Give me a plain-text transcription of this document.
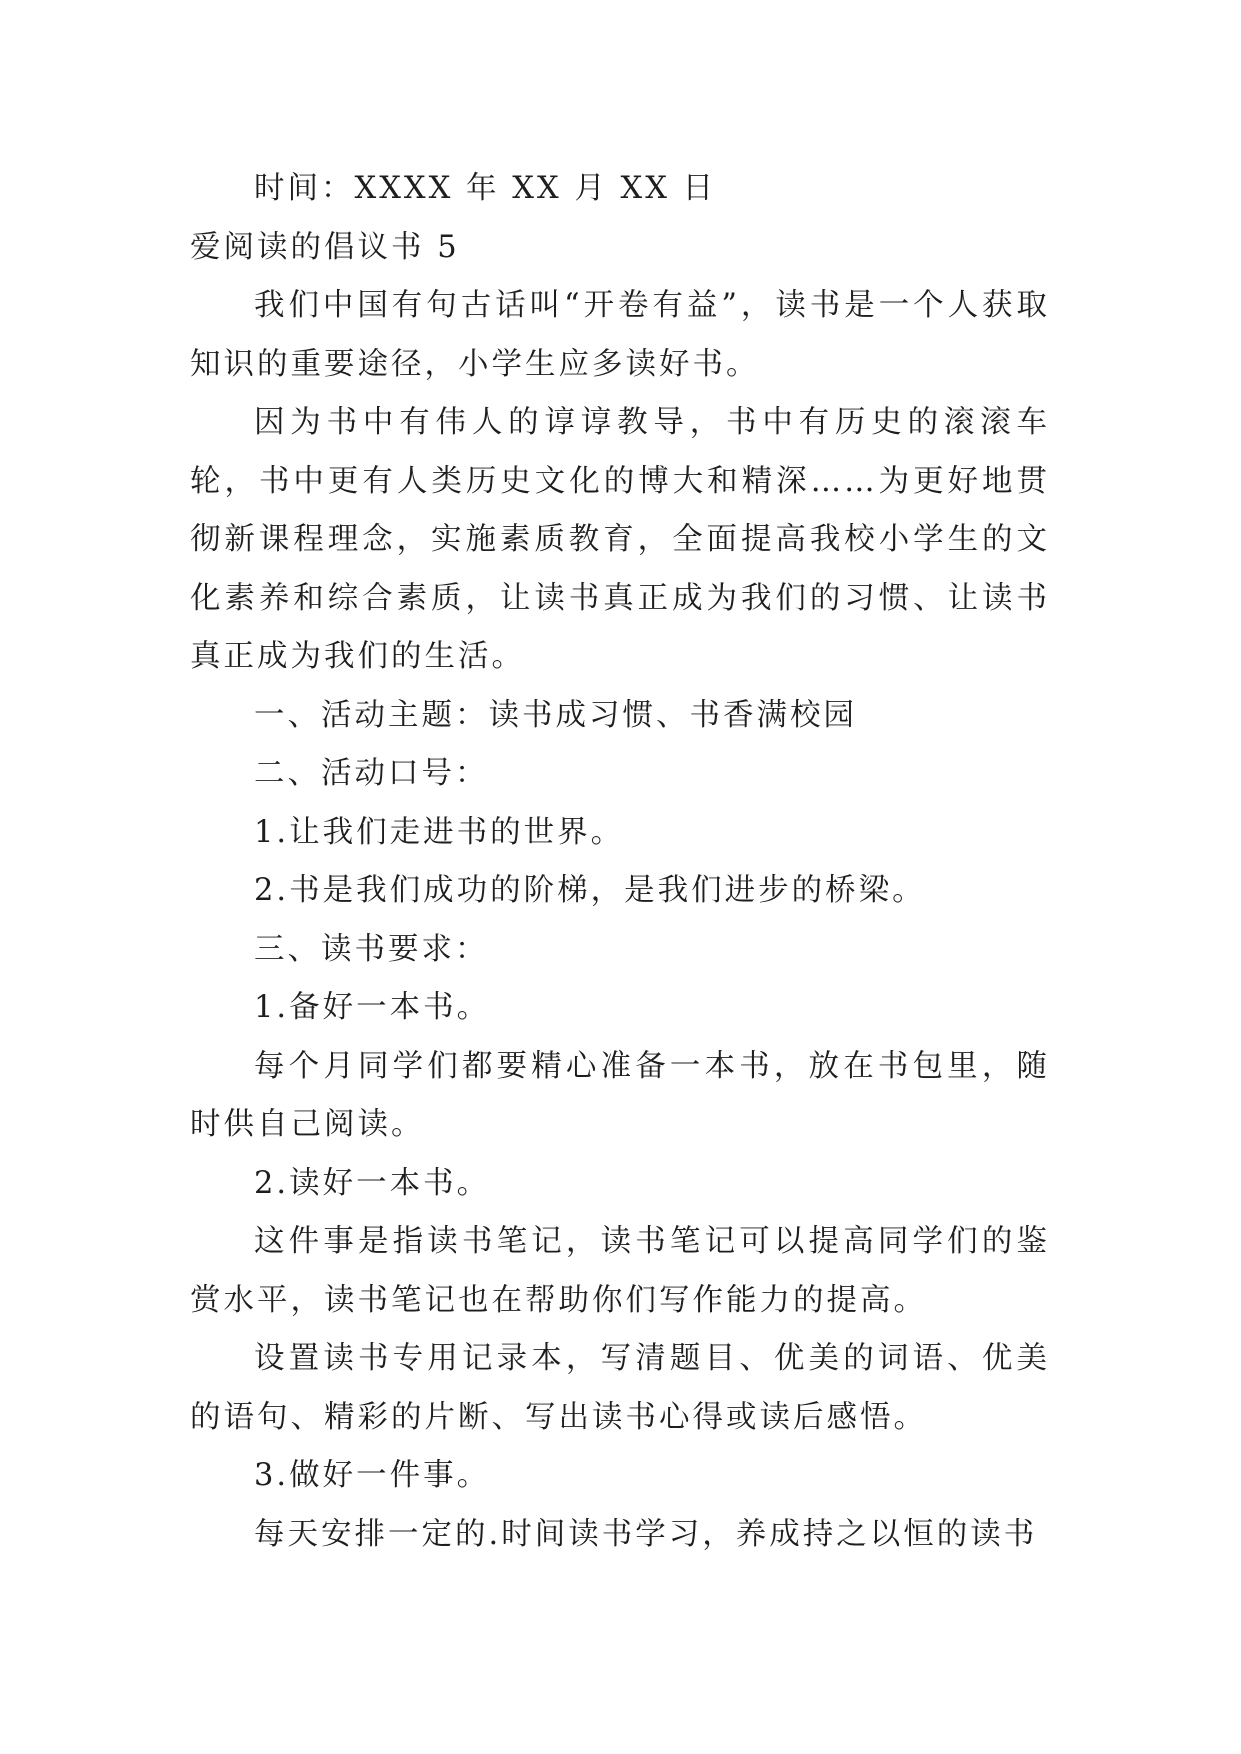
时间：XXXX 年 XX 月 XX 日

爱阅读的倡议书 5

我们中国有句古话叫“开卷有益”，读书是一个人获取知识的重要途径，小学生应多读好书。

因为书中有伟人的谆谆教导，书中有历史的滚滚车轮，书中更有人类历史文化的博大和精深……为更好地贯彻新课程理念，实施素质教育，全面提高我校小学生的文化素养和综合素质，让读书真正成为我们的习惯、让读书真正成为我们的生活。

一、活动主题：读书成习惯、书香满校园

二、活动口号：

1.让我们走进书的世界。

2.书是我们成功的阶梯，是我们进步的桥梁。

三、读书要求：

1.备好一本书。

每个月同学们都要精心准备一本书，放在书包里，随时供自己阅读。

2.读好一本书。

这件事是指读书笔记，读书笔记可以提高同学们的鉴赏水平，读书笔记也在帮助你们写作能力的提高。

设置读书专用记录本，写清题目、优美的词语、优美的语句、精彩的片断、写出读书心得或读后感悟。

3.做好一件事。

每天安排一定的.时间读书学习，养成持之以恒的读书
